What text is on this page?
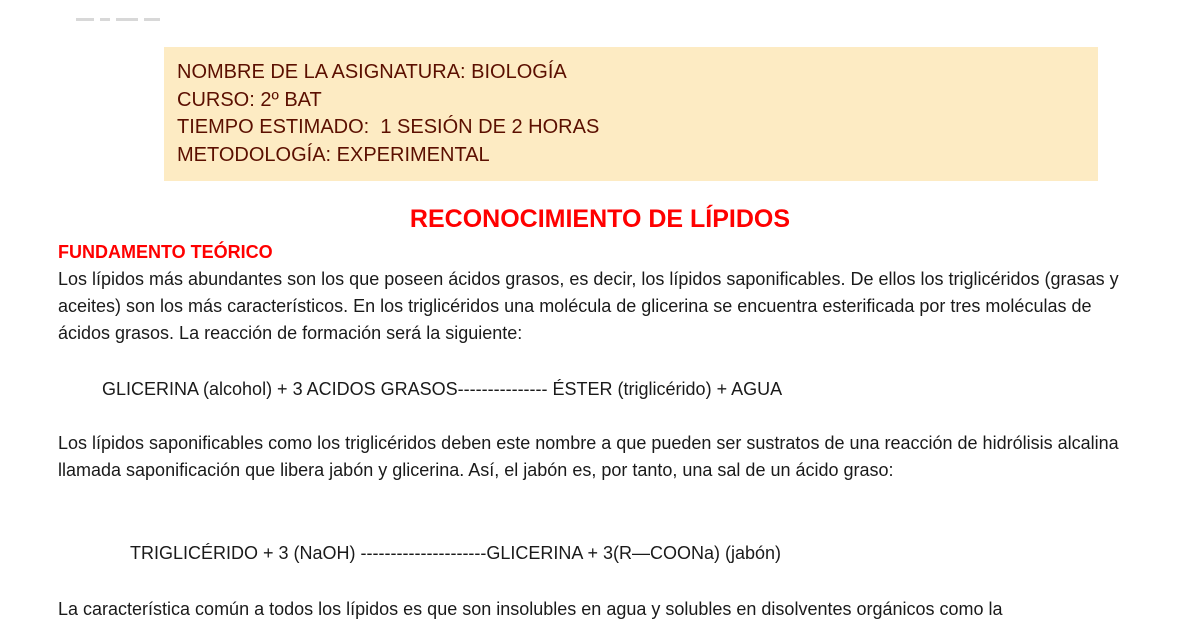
NOMBRE DE LA ASIGNATURA: BIOLOGÍA
CURSO: 2º BAT
TIEMPO ESTIMADO:  1 SESIÓN DE 2 HORAS
METODOLOGÍA: EXPERIMENTAL
RECONOCIMIENTO DE LÍPIDOS
FUNDAMENTO TEÓRICO

Los lípidos más abundantes son los que poseen ácidos grasos, es decir, los lípidos saponificables. De ellos los triglicéridos (grasas y aceites) son los más característicos. En los triglicéridos una molécula de glicerina se encuentra esterificada por tres moléculas de ácidos grasos. La reacción de formación será la siguiente:

GLICERINA (alcohol) + 3 ACIDOS GRASOS--------------- ÉSTER (triglicérido) + AGUA

Los lípidos saponificables como los triglicéridos deben este nombre a que pueden ser sustratos de una reacción de hidrólisis alcalina llamada saponificación que libera jabón y glicerina. Así, el jabón es, por tanto, una sal de un ácido graso:

TRIGLICÉRIDO + 3 (NaOH) ---------------------GLICERINA + 3(R—COONa) (jabón)

La característica común a todos los lípidos es que son insolubles en agua y solubles en disolventes orgánicos como la
